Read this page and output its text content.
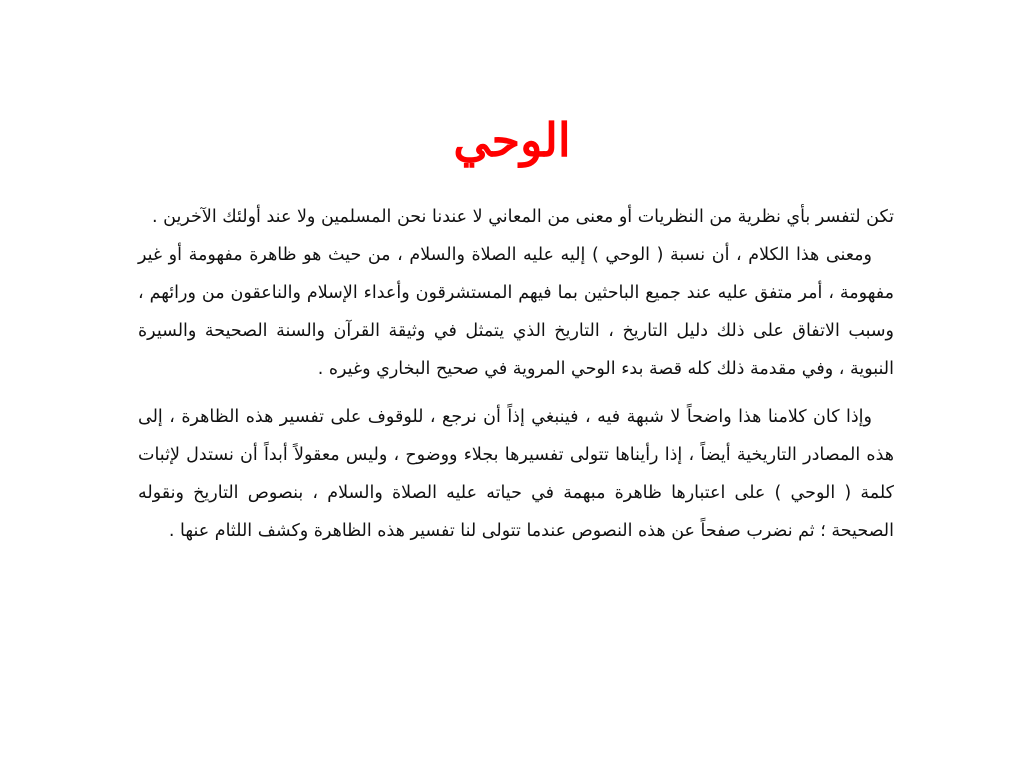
الوحي

تكن لتفسر بأي نظرية من النظريات أو معنى من المعاني لا عندنا نحن المسلمين ولا عند أولئك الآخرين .

ومعنى هذا الكلام ، أن نسبة ( الوحي ) إليه عليه الصلاة والسلام ، من حيث هو ظاهرة مفهومة أو غير مفهومة ، أمر متفق عليه عند جميع الباحثين بما فيهم المستشرقون وأعداء الإسلام والناعقون من ورائهم ، وسبب الاتفاق على ذلك دليل التاريخ ، التاريخ الذي يتمثل في وثيقة القرآن والسنة الصحيحة والسيرة النبوية ، وفي مقدمة ذلك كله قصة بدء الوحي المروية في صحيح البخاري وغيره .

وإذا كان كلامنا هذا واضحاً لا شبهة فيه ، فينبغي إذاً أن نرجع ، للوقوف على تفسير هذه الظاهرة ، إلى هذه المصادر التاريخية أيضاً ، إذا رأيناها تتولى تفسيرها بجلاء ووضوح ، وليس معقولاً أبداً أن نستدل لإثبات كلمة ( الوحي ) على اعتبارها ظاهرة مبهمة في حياته عليه الصلاة والسلام ، بنصوص التاريخ ونقوله الصحيحة ؛ ثم نضرب صفحاً عن هذه النصوص عندما تتولى لنا تفسير هذه الظاهرة وكشف اللثام عنها .
